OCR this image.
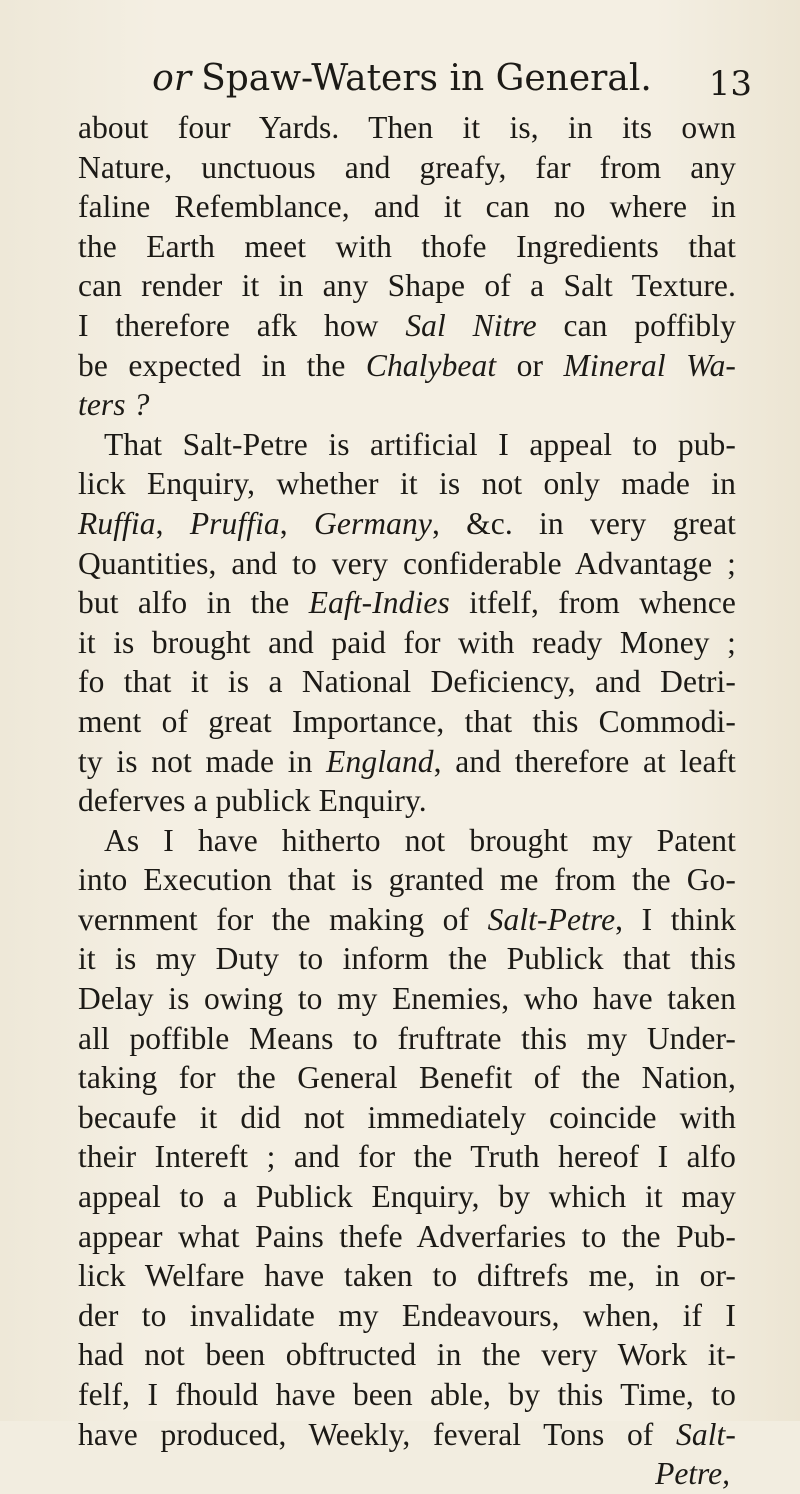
or Spaw-Waters in General. 13
about four Yards. Then it is, in its own
Nature, unctuous and greafy, far from any
faline Refemblance, and it can no where in
the Earth meet with thofe Ingredients that
can render it in any Shape of a Salt Texture.
I therefore afk how Sal Nitre can poffibly
be expected in the Chalybeat or Mineral Wa-
ters ?
That Salt-Petre is artificial I appeal to pub-
lick Enquiry, whether it is not only made in
Ruffia, Pruffia, Germany, &c. in very great
Quantities, and to very confiderable Advantage ;
but alfo in the Eaft-Indies itfelf, from whence
it is brought and paid for with ready Money ;
fo that it is a National Deficiency, and Detri-
ment of great Importance, that this Commodi-
ty is not made in England, and therefore at leaft
deferves a publick Enquiry.
As I have hitherto not brought my Patent
into Execution that is granted me from the Go-
vernment for the making of Salt-Petre, I think
it is my Duty to inform the Publick that this
Delay is owing to my Enemies, who have taken
all poffible Means to fruftrate this my Under-
taking for the General Benefit of the Nation,
becaufe it did not immediately coincide with
their Intereft ; and for the Truth hereof I alfo
appeal to a Publick Enquiry, by which it may
appear what Pains thefe Adverfaries to the Pub-
lick Welfare have taken to diftrefs me, in or-
der to invalidate my Endeavours, when, if I
had not been obftructed in the very Work it-
felf, I fhould have been able, by this Time, to
have produced, Weekly, feveral Tons of Salt-
Petre,
